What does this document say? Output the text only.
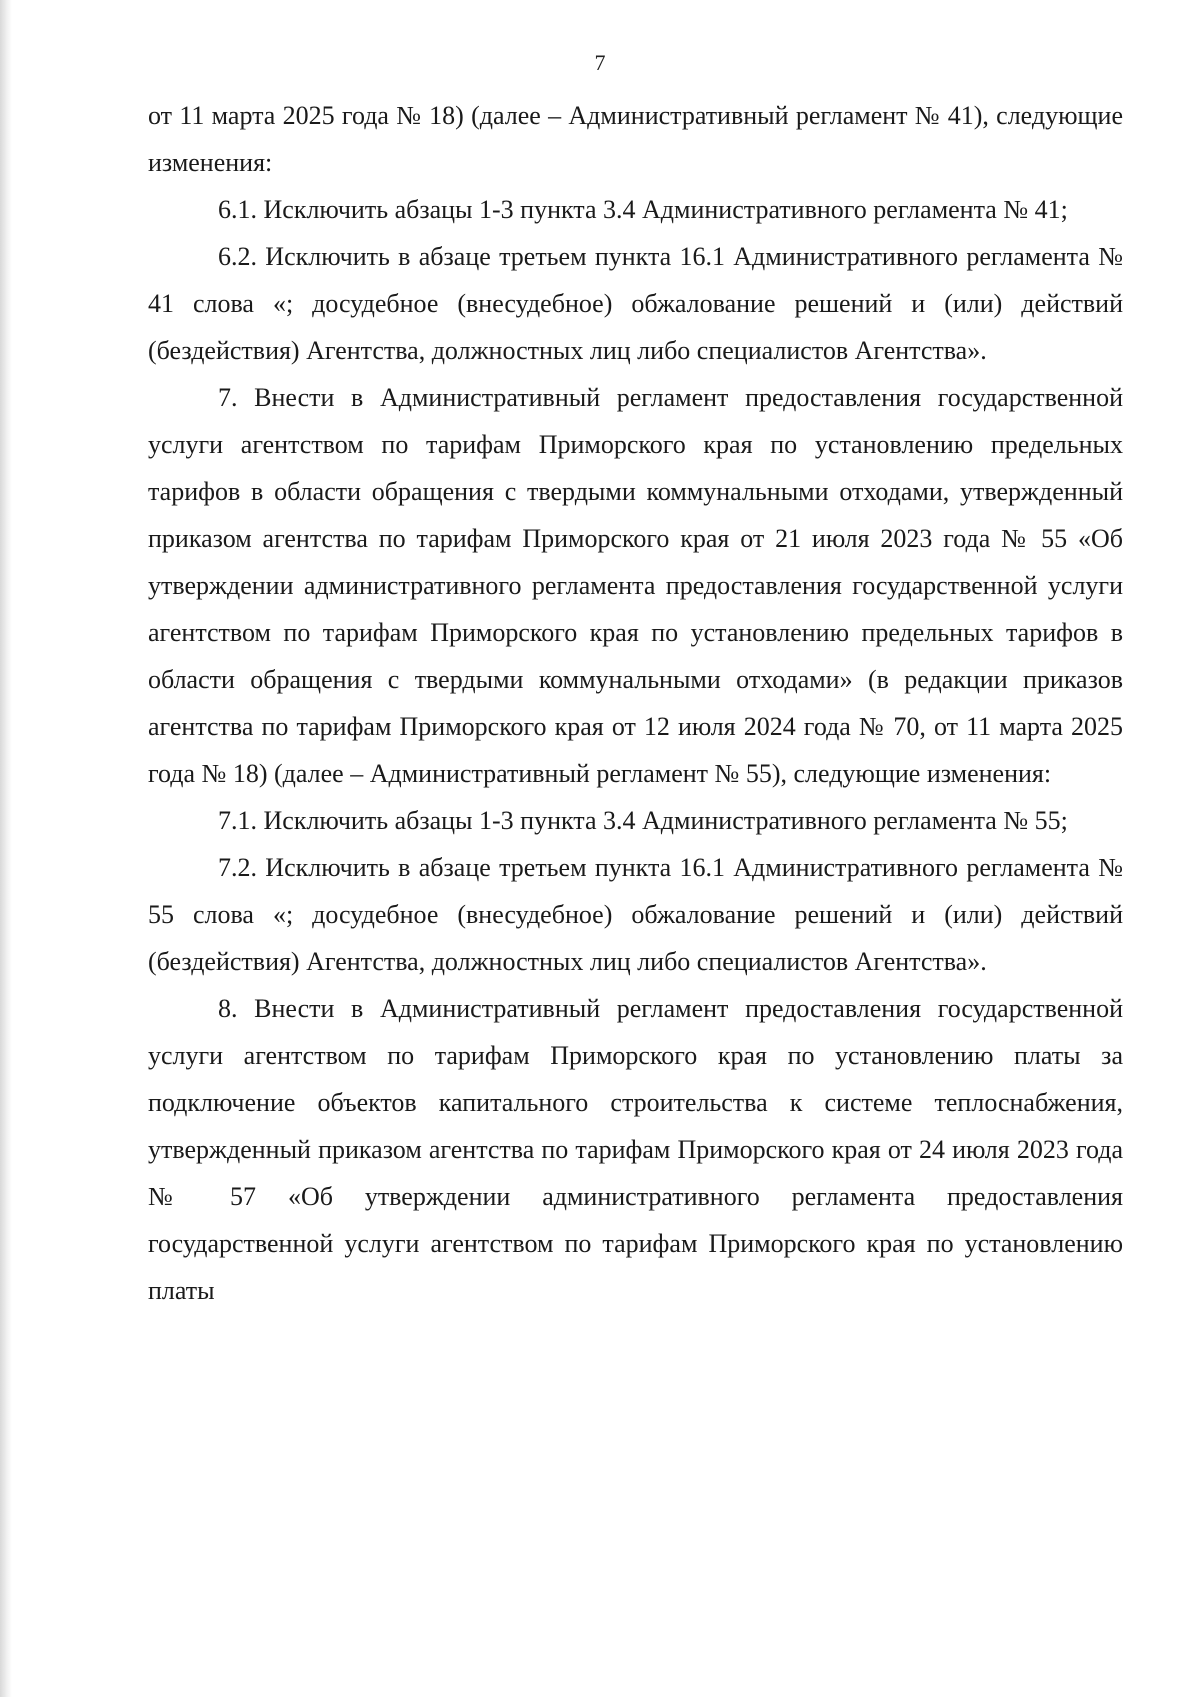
7

от 11 марта 2025 года № 18) (далее – Административный регламент № 41), следующие изменения:

6.1. Исключить абзацы 1-3 пункта 3.4 Административного регламента № 41;

6.2. Исключить в абзаце третьем пункта 16.1 Административного регламента № 41 слова «; досудебное (внесудебное) обжалование решений и (или) действий (бездействия) Агентства, должностных лиц либо специалистов Агентства».

7. Внести в Административный регламент предоставления государственной услуги агентством по тарифам Приморского края по установлению предельных тарифов в области обращения с твердыми коммунальными отходами, утвержденный приказом агентства по тарифам Приморского края от 21 июля 2023 года № 55 «Об утверждении административного регламента предоставления государственной услуги агентством по тарифам Приморского края по установлению предельных тарифов в области обращения с твердыми коммунальными отходами» (в редакции приказов агентства по тарифам Приморского края от 12 июля 2024 года № 70, от 11 марта 2025 года № 18) (далее – Административный регламент № 55), следующие изменения:

7.1. Исключить абзацы 1-3 пункта 3.4 Административного регламента № 55;

7.2. Исключить в абзаце третьем пункта 16.1 Административного регламента № 55 слова «; досудебное (внесудебное) обжалование решений и (или) действий (бездействия) Агентства, должностных лиц либо специалистов Агентства».

8. Внести в Административный регламент предоставления государственной услуги агентством по тарифам Приморского края по установлению платы за подключение объектов капитального строительства к системе теплоснабжения, утвержденный приказом агентства по тарифам Приморского края от 24 июля 2023 года № 57 «Об утверждении административного регламента предоставления государственной услуги агентством по тарифам Приморского края по установлению платы
